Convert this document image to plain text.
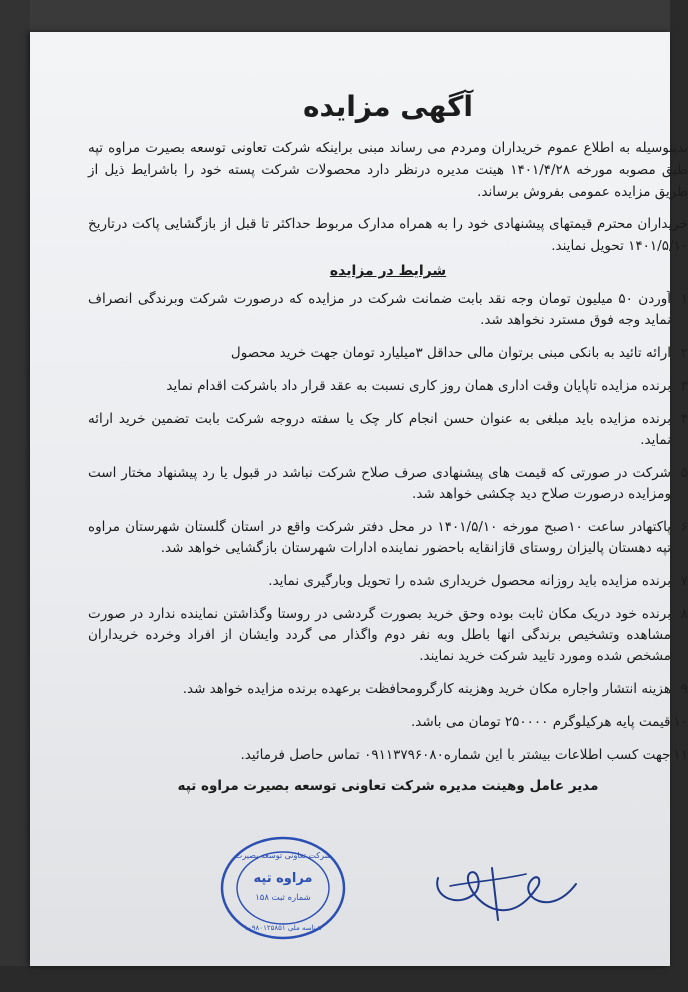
آگهی مزایده
بدینوسیله به اطلاع عموم خریداران ومردم می رساند مبنی براینکه شرکت تعاونی توسعه بصیرت مراوه تپه طبق مصوبه مورخه ۱۴۰۱/۴/۲۸ هینت مدیره درنظر دارد محصولات شرکت پسته خود را باشرایط ذیل از طریق مزایده عمومی بفروش برساند.
خریداران محترم قیمتهای پیشنهادی خود را به همراه مدارک مربوط حداکثر تا قبل از بازگشایی پاکت درتاریخ ۱۴۰۱/۵/۱۰ تحویل نمایند.
شرایط در مزایده
۱
آوردن ۵۰ میلیون تومان وجه نقد بابت ضمانت شرکت در مزایده که درصورت شرکت وبرندگی انصراف نماید وجه فوق مسترد نخواهد شد.
۲
ارائه تائید به بانکی مبنی برتوان مالی حداقل ۳میلیارد تومان جهت خرید محصول
۳
برنده مزایده تاپایان وقت اداری همان روز کاری نسبت به عقد قرار داد باشرکت اقدام نماید
۴
برنده مزایده باید مبلغی به عنوان حسن انجام کار چک یا سفته دروجه شرکت بابت تضمین خرید ارائه نماید.
۵
شرکت در صورتی که قیمت های پیشنهادی صرف صلاح شرکت نباشد در قبول یا رد پیشنهاد مختار است ومزایده درصورت صلاح دید چکشی خواهد شد.
۶
پاکتهادر ساعت ۱۰صبح مورخه ۱۴۰۱/۵/۱۰ در محل دفتر شرکت واقع در استان گلستان شهرستان مراوه تپه دهستان پالیزان روستای قازانقایه باحضور نماینده ادارات شهرستان بازگشایی خواهد شد.
۷
برنده مزایده باید روزانه محصول خریداری شده را تحویل وبارگیری نماید.
۸
برنده خود دریک مکان ثابت بوده وحق خرید بصورت گردشی در روستا وگذاشتن نماینده ندارد در صورت مشاهده وتشخیص برندگی انها باطل وبه نفر دوم واگذار می گردد وایشان از افراد وخرده خریداران مشخص شده ومورد تایید شرکت خرید نمایند.
۹
هزینه انتشار واجاره مکان خرید وهزینه کارگرومحافظت برعهده برنده مزایده خواهد شد.
۱۰
قیمت پایه هرکیلوگرم ۲۵۰۰۰۰ تومان می باشد.
۱۱
جهت کسب اطلاعات بیشتر با این شماره۰۹۱۱۳۷۹۶۰۸۰ تماس حاصل فرمائید.
مدیر عامل وهینت مدیره شرکت تعاونی توسعه بصیرت مراوه تپه
شرکت تعاونی توسعه بصیرت
مراوه تپه
شماره ثبت ۱۵۸
شناسه ملی ۱۰۹۸۰۱۲۵۸۵۱
